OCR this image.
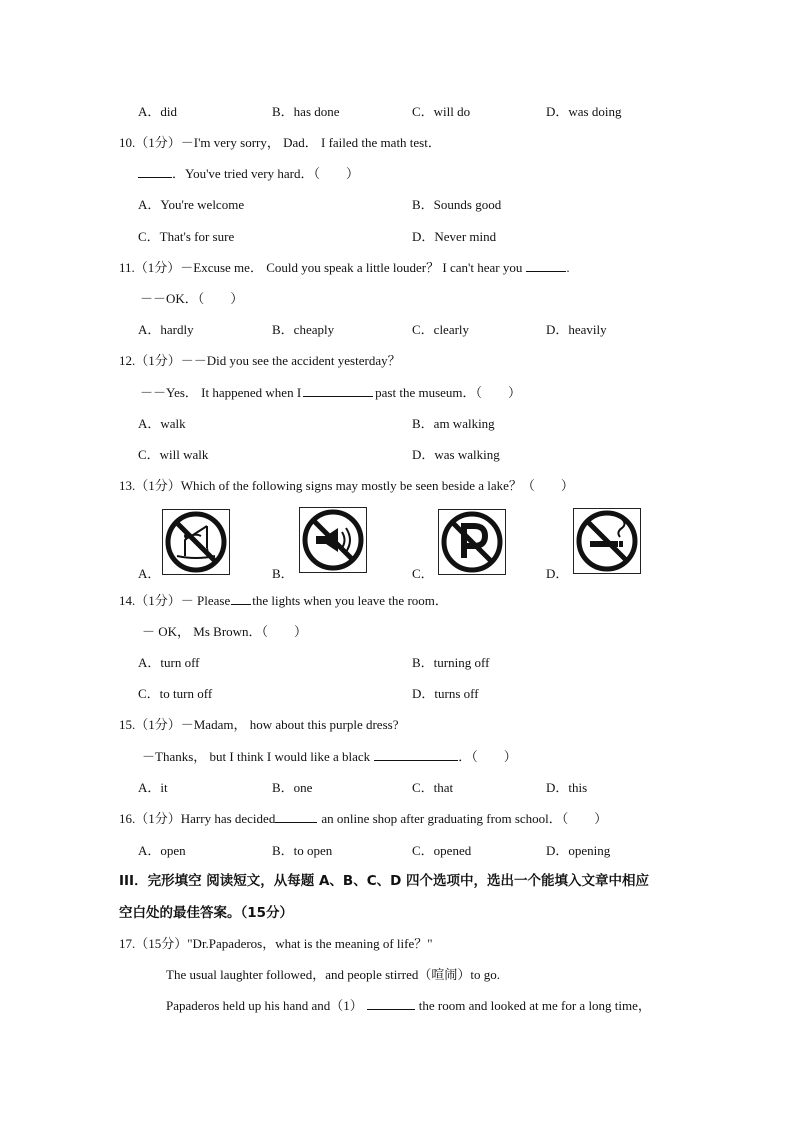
A．did	B．has done	C．will do	D．was doing
10.（1分）－I'm very sorry， Dad． I failed the math test．
．You've tried very hard．（　　）
A．You're welcome	B．Sounds good
C．That's for sure	D．Never mind
11.（1分）－Excuse me． Could you speak a little louder？ I can't hear you	.
－－OK．（　　）
A．hardly	B．cheaply	C．clearly	D．heavily
12.（1分）－－Did you see the accident yesterday？
－－Yes． It happened when I	past the museum．（　　）
A．walk	B．am walking
C．will walk	D．was walking
13.（1分）Which of the following signs may mostly be seen beside a lake？（　　）
A．	B．	C．	D．
14.（1分）－ Please the lights when you leave the room．
－ OK， Ms Brown．（　　）
A．turn off	B．turning off
C．to turn off	D．turns off
15.（1分）－Madam， how about this purple dress?
－Thanks， but I think I would like a black	．（　　）
A．it	B．one	C．that	D．this
16.（1分）Harry has decided	an online shop after graduating from school．（　　）
A．open	B．to open	C．opened	D．opening
III．完形填空 阅读短文，从每题 A、B、C、D 四个选项中，选出一个能填入文章中相应
空白处的最佳答案。（15分）
17.（15分）"Dr.Papaderos，what is the meaning of life？"
The usual laughter followed，and people stirred（喧闹）to go.
Papaderos held up his hand and（1）	the room and looked at me for a long time，
